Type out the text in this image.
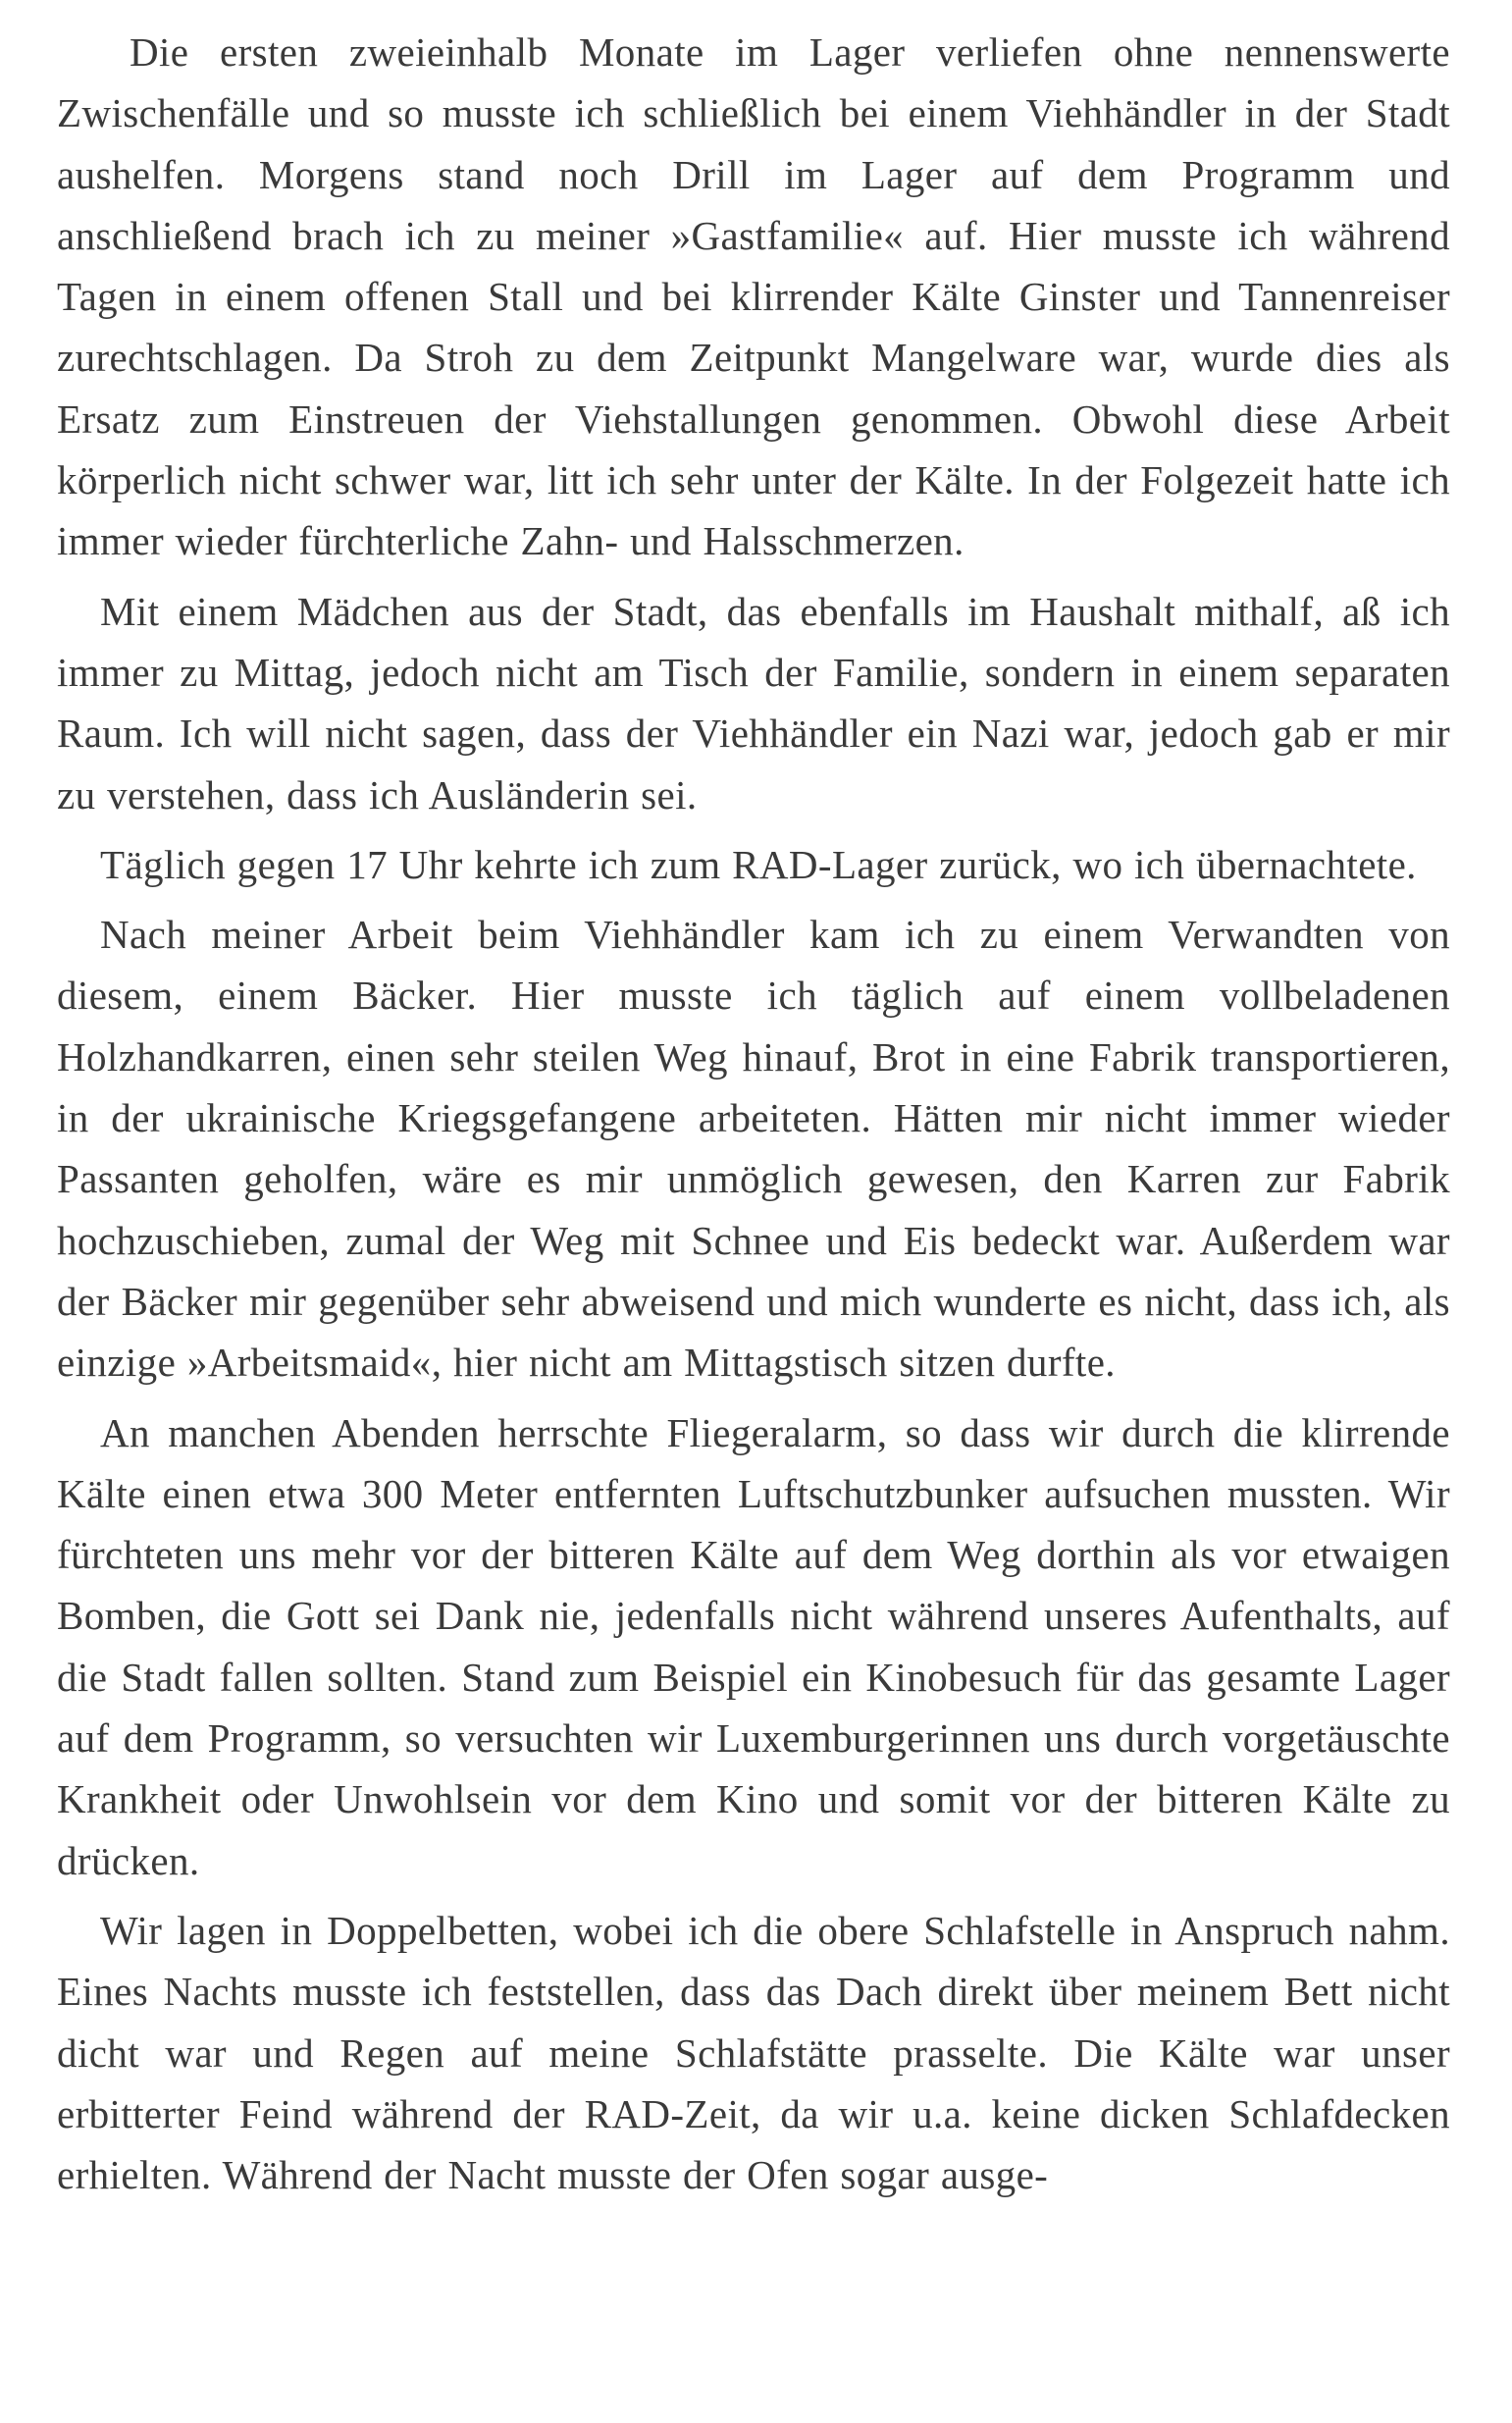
Die ersten zweieinhalb Monate im Lager verliefen ohne nennenswerte Zwischenfälle und so musste ich schließlich bei einem Viehhändler in der Stadt aushelfen. Morgens stand noch Drill im Lager auf dem Programm und anschließend brach ich zu meiner »Gastfamilie« auf. Hier musste ich während Tagen in einem offenen Stall und bei klirrender Kälte Ginster und Tannenreiser zurechtschlagen. Da Stroh zu dem Zeitpunkt Mangelware war, wurde dies als Ersatz zum Einstreuen der Viehstallungen genommen. Obwohl diese Arbeit körperlich nicht schwer war, litt ich sehr unter der Kälte. In der Folgezeit hatte ich immer wieder fürchterliche Zahn- und Halsschmerzen.

Mit einem Mädchen aus der Stadt, das ebenfalls im Haushalt mithalf, aß ich immer zu Mittag, jedoch nicht am Tisch der Familie, sondern in einem separaten Raum. Ich will nicht sagen, dass der Viehhändler ein Nazi war, jedoch gab er mir zu verstehen, dass ich Ausländerin sei.

Täglich gegen 17 Uhr kehrte ich zum RAD-Lager zurück, wo ich übernachtete.

Nach meiner Arbeit beim Viehhändler kam ich zu einem Verwandten von diesem, einem Bäcker. Hier musste ich täglich auf einem vollbeladenen Holzhandkarren, einen sehr steilen Weg hinauf, Brot in eine Fabrik transportieren, in der ukrainische Kriegsgefangene arbeiteten. Hätten mir nicht immer wieder Passanten geholfen, wäre es mir unmöglich gewesen, den Karren zur Fabrik hochzuschieben, zumal der Weg mit Schnee und Eis bedeckt war. Außerdem war der Bäcker mir gegenüber sehr abweisend und mich wunderte es nicht, dass ich, als einzige »Arbeitsmaid«, hier nicht am Mittagstisch sitzen durfte.

An manchen Abenden herrschte Fliegeralarm, so dass wir durch die klirrende Kälte einen etwa 300 Meter entfernten Luftschutzbunker aufsuchen mussten. Wir fürchteten uns mehr vor der bitteren Kälte auf dem Weg dorthin als vor etwaigen Bomben, die Gott sei Dank nie, jedenfalls nicht während unseres Aufenthalts, auf die Stadt fallen sollten. Stand zum Beispiel ein Kinobesuch für das gesamte Lager auf dem Programm, so versuchten wir Luxemburgerinnen uns durch vorgetäuschte Krankheit oder Unwohlsein vor dem Kino und somit vor der bitteren Kälte zu drücken.

Wir lagen in Doppelbetten, wobei ich die obere Schlafstelle in Anspruch nahm. Eines Nachts musste ich feststellen, dass das Dach direkt über meinem Bett nicht dicht war und Regen auf meine Schlafstätte prasselte. Die Kälte war unser erbitterter Feind während der RAD-Zeit, da wir u.a. keine dicken Schlafdecken erhielten. Während der Nacht musste der Ofen sogar ausge-
